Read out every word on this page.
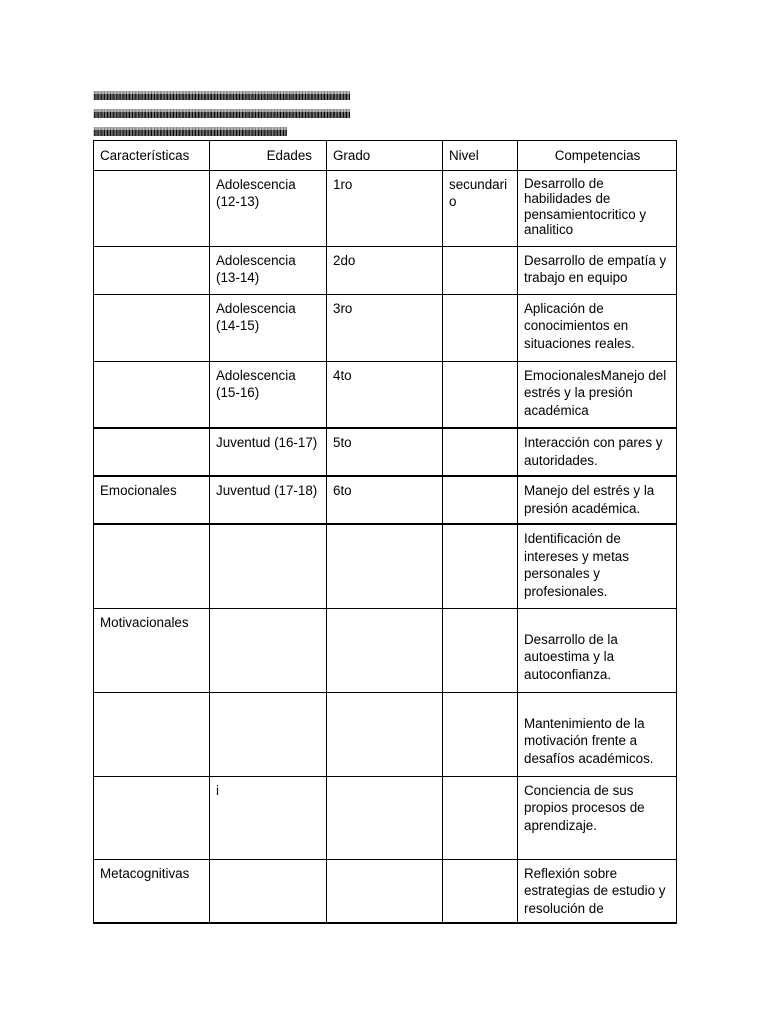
iiiiiiiiiiiiiiiiiiiiiiiiiiiiiiiiiiiiiiiiiiiiiiiiiiiiiiiiiiiiiiiiiiiiiiiiiiiiiiiiiiiiiiiiiiiiiiiiiiiiiiiiiiiiiiiiiiiiiiiiiiiiiiiiiiiiiiiiiiiiiiiiiiiiiiiiiiiiiiiiiiiiiiiiiiiiiii
iiiiiiiiiiiiiiiiiiiiiiiiiiiiiiiiiiiiiiiiiiiiiiiiiiiiiiiiiiiiiiiiiiiiiiiiiiiiiiiiiiiiiiiiiiiiiiiiiiiiiiiiiiiiiiiiiiiiiiiiiiiiiiiiiiiiiiiiiiiiiiiiiiiiiiiiiiiiiiiiiiiiiiiiiiiiiii
iiiiiiiiiiiiiiiiiiiiiiiiiiiiiiiiiiiiiiiiiiiiiiiiiiiiiiiiiiiiiiiiiiiiiiiiiiiiiiiiiiiiiiiiiiiiiiiiiiiiiiiiiiiiiiiiiiiiiiiiiiiiiiiiiiii
Características	Edades	Grado	Nivel	Competencias
	Adolescencia (12-13)	1ro	secundari o	Desarrollo de habilidades de pensamientocritico y analitico
	Adolescencia (13-14)	2do		Desarrollo de empatía y trabajo en equipo
	Adolescencia (14-15)	3ro		Aplicación de conocimientos en situaciones reales.
	Adolescencia (15-16)	4to		EmocionalesManejo del estrés y la presión académica
	Juventud (16-17)	5to		Interacción con pares y autoridades.
Emocionales	Juventud (17-18)	6to		Manejo del estrés y la presión académica.
				Identificación de intereses y metas personales y profesionales.
Motivacionales				Desarrollo de la autoestima y la autoconfianza.
				Mantenimiento de la motivación frente a desafíos académicos.
	i			Conciencia de sus propios procesos de aprendizaje.
Metacognitivas				Reflexión sobre estrategias de estudio y resolución de
